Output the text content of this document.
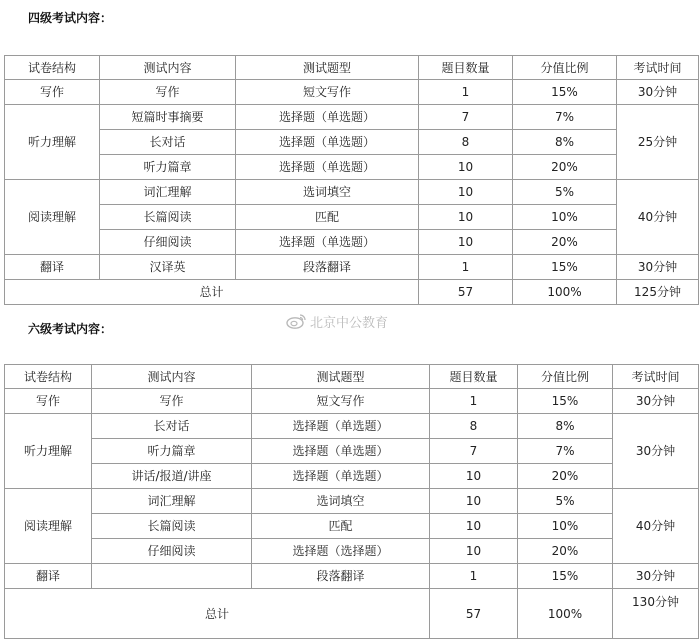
四级考试内容：
试卷结构	测试内容	测试题型	题目数量	分值比例	考试时间
写作	写作	短文写作	1	15%	30分钟
听力理解	短篇时事摘要	选择题（单选题）	7	7%	25分钟
	长对话	选择题（单选题）	8	8%	
	听力篇章	选择题（单选题）	10	20%	
阅读理解	词汇理解	选词填空	10	5%	40分钟
	长篇阅读	匹配	10	10%	
	仔细阅读	选择题（单选题）	10	20%	
翻译	汉译英	段落翻译	1	15%	30分钟
总计			57	100%	125分钟
北京中公教育
六级考试内容：
试卷结构	测试内容	测试题型	题目数量	分值比例	考试时间
写作	写作	短文写作	1	15%	30分钟
听力理解	长对话	选择题（单选题）	8	8%	30分钟
	听力篇章	选择题（单选题）	7	7%	
	讲话/报道/讲座	选择题（单选题）	10	20%	
阅读理解	词汇理解	选词填空	10	5%	40分钟
	长篇阅读	匹配	10	10%	
	仔细阅读	选择题（选择题）	10	20%	
翻译		段落翻译	1	15%	30分钟
总计			57	100%	130分钟
